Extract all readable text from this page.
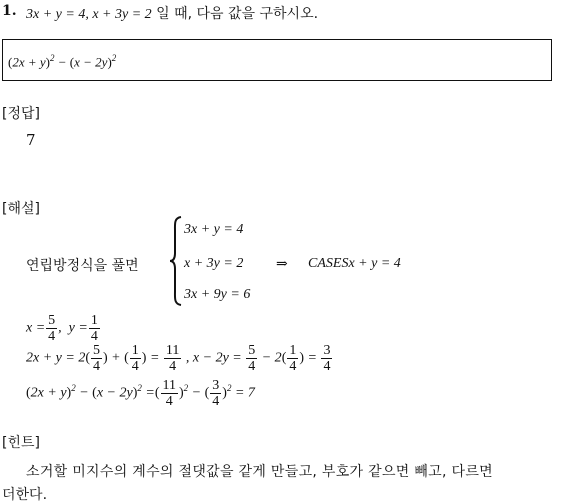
1. 3x + y = 4, x + 3y = 2 일 때, 다음 값을 구하시오.
$(2x + y)^2 - (x - 2y)^2$
[정답]
7
[해설]
연립방정식을 풀면
3x + y = 4
x + 3y = 2
3x + 9y = 6
⇒ CASESx + y = 4
$x = \frac{5}{4}$ ,  $y = \frac{1}{4}$
$2x + y = 2( \frac{5}{4}$ ) + ( $\frac{1}{4}$ ) = $\frac{11}{4}$ , $x - 2y = \frac{5}{4} - 2( \frac{1}{4}$ ) = $\frac{3}{4}$
$(2x + y)^2 - (x - 2y)^2$ =( $\frac{11}{4} )^2$ − ( $\frac{3}{4} )^2 = 7$
[힌트]
소거할 미지수의 계수의 절댓값을 같게 만들고, 부호가 같으면 빼고, 다르면
더한다.
